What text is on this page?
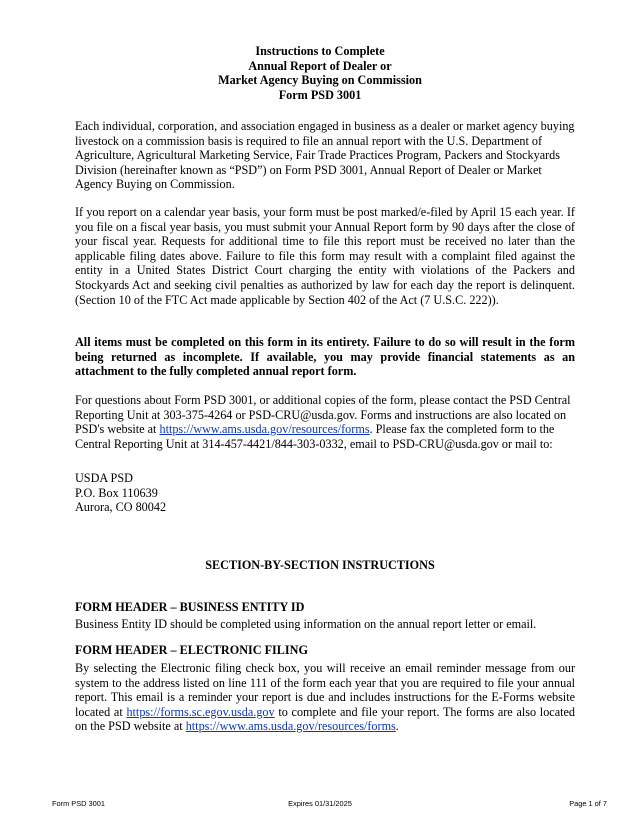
Instructions to Complete
Annual Report of Dealer or
Market Agency Buying on Commission
Form PSD 3001
Each individual, corporation, and association engaged in business as a dealer or market agency buying livestock on a commission basis is required to file an annual report with the U.S. Department of Agriculture, Agricultural Marketing Service, Fair Trade Practices Program, Packers and Stockyards Division (hereinafter known as “PSD”) on Form PSD 3001, Annual Report of Dealer or Market Agency Buying on Commission.
If you report on a calendar year basis, your form must be post marked/e-filed by April 15 each year. If you file on a fiscal year basis, you must submit your Annual Report form by 90 days after the close of your fiscal year. Requests for additional time to file this report must be received no later than the applicable filing dates above. Failure to file this form may result with a complaint filed against the entity in a United States District Court charging the entity with violations of the Packers and Stockyards Act and seeking civil penalties as authorized by law for each day the report is delinquent. (Section 10 of the FTC Act made applicable by Section 402 of the Act (7 U.S.C. 222)).
All items must be completed on this form in its entirety. Failure to do so will result in the form being returned as incomplete. If available, you may provide financial statements as an attachment to the fully completed annual report form.
For questions about Form PSD 3001, or additional copies of the form, please contact the PSD Central Reporting Unit at 303-375-4264 or PSD-CRU@usda.gov. Forms and instructions are also located on PSD's website at https://www.ams.usda.gov/resources/forms. Please fax the completed form to the Central Reporting Unit at 314-457-4421/844-303-0332, email to PSD-CRU@usda.gov or mail to:
USDA PSD
P.O. Box 110639
Aurora, CO 80042
SECTION-BY-SECTION INSTRUCTIONS
FORM HEADER – BUSINESS ENTITY ID
Business Entity ID should be completed using information on the annual report letter or email.
FORM HEADER – ELECTRONIC FILING
By selecting the Electronic filing check box, you will receive an email reminder message from our system to the address listed on line 111 of the form each year that you are required to file your annual report. This email is a reminder your report is due and includes instructions for the E-Forms website located at https://forms.sc.egov.usda.gov to complete and file your report. The forms are also located on the PSD website at https://www.ams.usda.gov/resources/forms.
Form PSD 3001	Expires 01/31/2025	Page 1 of 7
